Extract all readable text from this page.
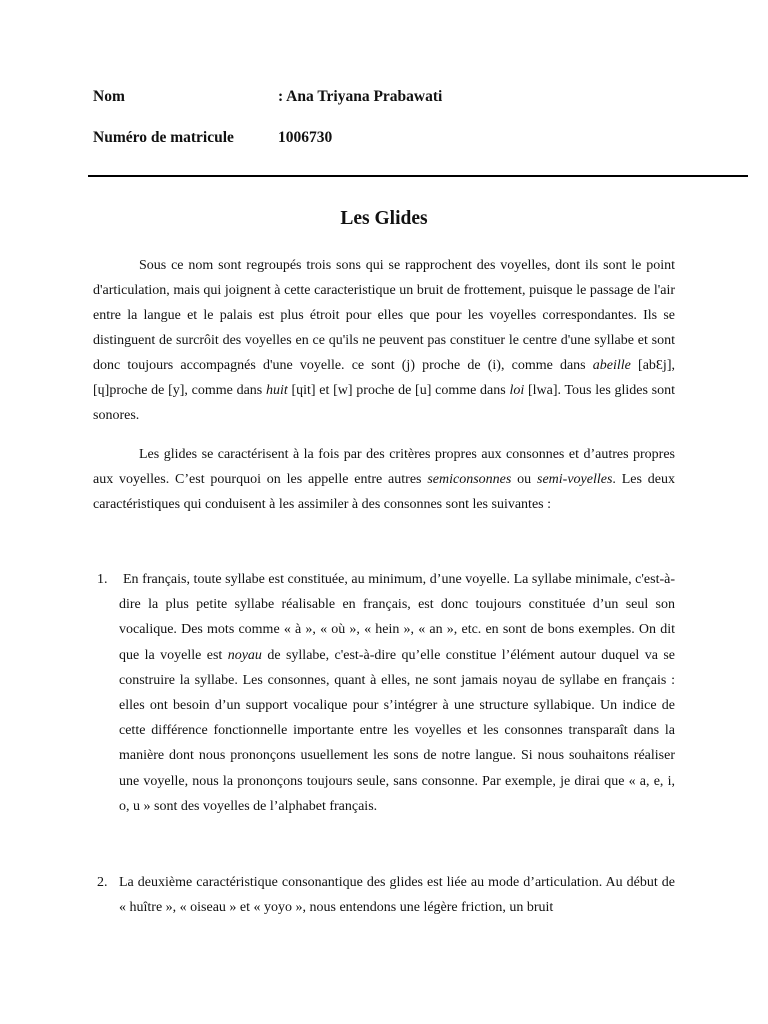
Nom	: Ana Triyana Prabawati
Numéro de matricule	1006730
Les Glides

Sous ce nom sont regroupés trois sons qui se rapprochent des voyelles, dont ils sont le point d'articulation, mais qui joignent à cette caracteristique un bruit de frottement, puisque le passage de l'air entre la langue et le palais est plus étroit pour elles que pour les voyelles correspondantes. Ils se distinguent de surcrôit des voyelles en ce qu'ils ne peuvent pas constituer le centre d'une syllabe et sont donc toujours accompagnés d'une voyelle. ce sont (j) proche de (i), comme dans abeille [abƐj], [ɥ]proche de [y], comme dans huit [ɥit] et [w] proche de [u] comme dans loi [lwa]. Tous les glides sont sonores.

Les glides se caractérisent à la fois par des critères propres aux consonnes et d’autres propres aux voyelles. C’est pourquoi on les appelle entre autres semiconsonnes ou semi-voyelles. Les deux caractéristiques qui conduisent à les assimiler à des consonnes sont les suivantes :

1. En français, toute syllabe est constituée, au minimum, d’une voyelle. La syllabe minimale, c'est-à-dire la plus petite syllabe réalisable en français, est donc toujours constituée d’un seul son vocalique. Des mots comme « à », « où », « hein », « an », etc. en sont de bons exemples. On dit que la voyelle est noyau de syllabe, c'est-à-dire qu’elle constitue l’élément autour duquel va se construire la syllabe. Les consonnes, quant à elles, ne sont jamais noyau de syllabe en français : elles ont besoin d’un support vocalique pour s’intégrer à une structure syllabique. Un indice de cette différence fonctionnelle importante entre les voyelles et les consonnes transparaît dans la manière dont nous prononçons usuellement les sons de notre langue. Si nous souhaitons réaliser une voyelle, nous la prononçons toujours seule, sans consonne. Par exemple, je dirai que « a, e, i, o, u » sont des voyelles de l’alphabet français.
2. La deuxième caractéristique consonantique des glides est liée au mode d’articulation. Au début de « huître », « oiseau » et « yoyo », nous entendons une légère friction, un bruit
